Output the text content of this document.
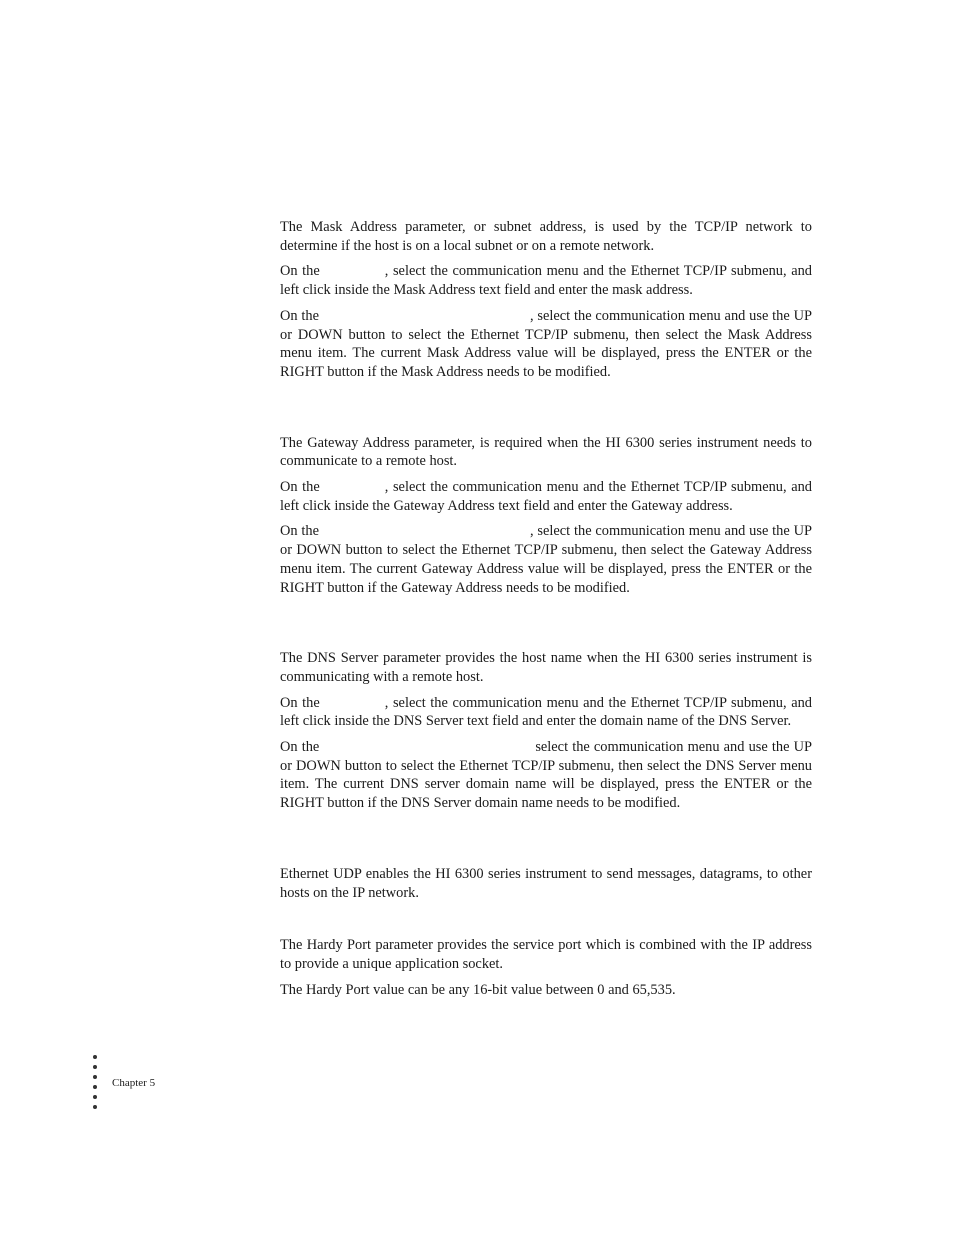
The Mask Address parameter, or subnet address, is used by the TCP/IP network to determine if the host is on a local subnet or on a remote network.

On the	, select the communication menu and the Ethernet TCP/IP submenu, and left click inside the Mask Address text field and enter the mask address.

On the	, select the communication menu and use the UP or DOWN button to select the Ethernet TCP/IP submenu, then select the Mask Address menu item. The current Mask Address value will be displayed, press the ENTER or the RIGHT button if the Mask Address needs to be modified.

The Gateway Address parameter, is required when the HI 6300 series instrument needs to communicate to a remote host.

On the	, select the communication menu and the Ethernet TCP/IP submenu, and left click inside the Gateway Address text field and enter the Gateway address.

On the	, select the communication menu and use the UP or DOWN button to select the Ethernet TCP/IP submenu, then select the Gateway Address menu item. The current Gateway Address value will be displayed, press the ENTER or the RIGHT button if the Gateway Address needs to be modified.

The DNS Server parameter provides the host name when the HI 6300 series instrument is communicating with a remote host.

On the	, select the communication menu and the Ethernet TCP/IP submenu, and left click inside the DNS Server text field and enter the domain name of the DNS Server.

On the	select the communication menu and use the UP or DOWN button to select the Ethernet TCP/IP submenu, then select the DNS Server menu item. The current DNS server domain name will be displayed, press the ENTER or the RIGHT button if the DNS Server domain name needs to be modified.

Ethernet UDP enables the HI 6300 series instrument to send messages, datagrams, to other hosts on the IP network.

The Hardy Port parameter provides the service port which is combined with the IP address to provide a unique application socket.

The Hardy Port value can be any 16-bit value between 0 and 65,535.

Chapter 5
